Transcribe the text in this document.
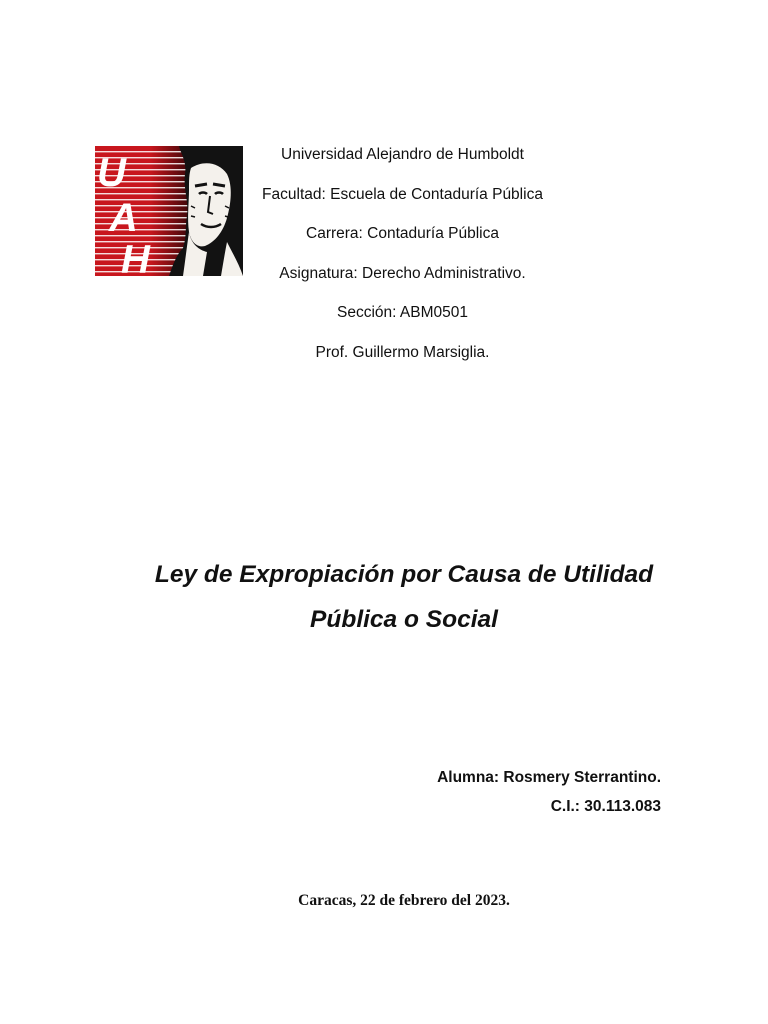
U
A
H
Universidad Alejandro de Humboldt
Facultad: Escuela de Contaduría Pública
Carrera: Contaduría Pública
Asignatura: Derecho Administrativo.
Sección: ABM0501
Prof. Guillermo Marsiglia.
Ley de Expropiación por Causa de Utilidad
Pública o Social
Alumna: Rosmery Sterrantino.
C.I.: 30.113.083
Caracas, 22 de febrero del 2023.
